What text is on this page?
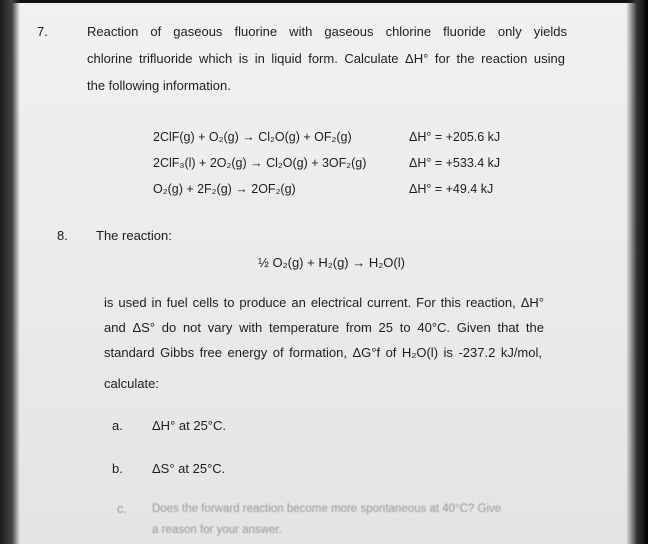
7.	Reaction of gaseous fluorine with gaseous chlorine fluoride only yields
chlorine trifluoride which is in liquid form. Calculate ΔH° for the reaction using
the following information.
2ClF(g) + O₂(g) → Cl₂O(g) + OF₂(g)	ΔH° = +205.6 kJ
2ClF₃(l) + 2O₂(g) → Cl₂O(g) + 3OF₂(g)	ΔH° = +533.4 kJ
O₂(g) + 2F₂(g) → 2OF₂(g)	ΔH° = +49.4 kJ
8. The reaction:
½ O₂(g) + H₂(g) → H₂O(l)
is used in fuel cells to produce an electrical current. For this reaction, ΔH°
and ΔS° do not vary with temperature from 25 to 40°C. Given that the
standard Gibbs free energy of formation, ΔG°f of H₂O(l) is -237.2 kJ/mol,
calculate:
a. ΔH° at 25°C.
b. ΔS° at 25°C.
c. Does the forward reaction become more spontaneous at 40°C? Give
a reason for your answer.
